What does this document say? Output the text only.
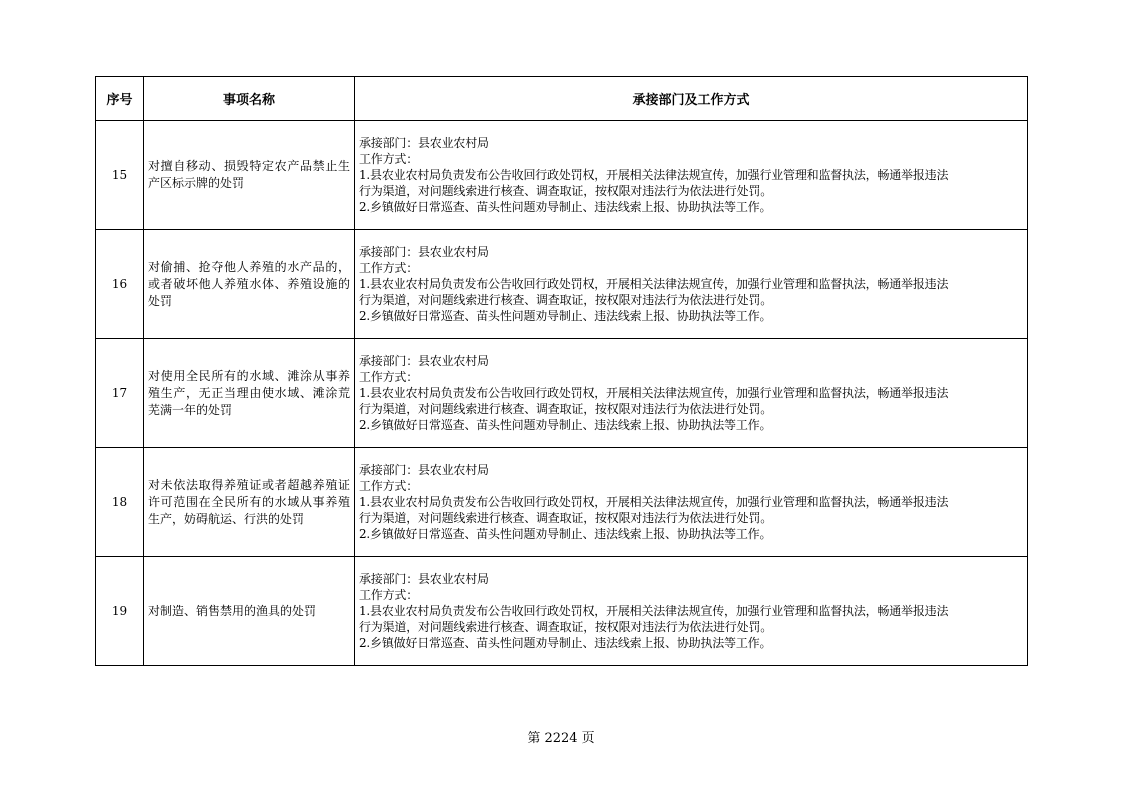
序号	事项名称	承接部门及工作方式
15	对擅自移动、损毁特定农产品禁止生产区标示牌的处罚	承接部门：县农业农村局
工作方式：
1.县农业农村局负责发布公告收回行政处罚权，开展相关法律法规宣传，加强行业管理和监督执法，畅通举报违法
行为渠道，对问题线索进行核查、调查取证，按权限对违法行为依法进行处罚。
2.乡镇做好日常巡查、苗头性问题劝导制止、违法线索上报、协助执法等工作。

16	对偷捕、抢夺他人养殖的水产品的，或者破坏他人养殖水体、养殖设施的处罚	承接部门：县农业农村局
工作方式：
1.县农业农村局负责发布公告收回行政处罚权，开展相关法律法规宣传，加强行业管理和监督执法，畅通举报违法
行为渠道，对问题线索进行核查、调查取证，按权限对违法行为依法进行处罚。
2.乡镇做好日常巡查、苗头性问题劝导制止、违法线索上报、协助执法等工作。

17	对使用全民所有的水域、滩涂从事养殖生产，无正当理由使水域、滩涂荒芜满一年的处罚	承接部门：县农业农村局
工作方式：
1.县农业农村局负责发布公告收回行政处罚权，开展相关法律法规宣传，加强行业管理和监督执法，畅通举报违法
行为渠道，对问题线索进行核查、调查取证，按权限对违法行为依法进行处罚。
2.乡镇做好日常巡查、苗头性问题劝导制止、违法线索上报、协助执法等工作。

18	对未依法取得养殖证或者超越养殖证许可范围在全民所有的水域从事养殖生产，妨碍航运、行洪的处罚	承接部门：县农业农村局
工作方式：
1.县农业农村局负责发布公告收回行政处罚权，开展相关法律法规宣传，加强行业管理和监督执法，畅通举报违法
行为渠道，对问题线索进行核查、调查取证，按权限对违法行为依法进行处罚。
2.乡镇做好日常巡查、苗头性问题劝导制止、违法线索上报、协助执法等工作。

19	对制造、销售禁用的渔具的处罚	承接部门：县农业农村局
工作方式：
1.县农业农村局负责发布公告收回行政处罚权，开展相关法律法规宣传，加强行业管理和监督执法，畅通举报违法
行为渠道，对问题线索进行核查、调查取证，按权限对违法行为依法进行处罚。
2.乡镇做好日常巡查、苗头性问题劝导制止、违法线索上报、协助执法等工作。
第 2224 页
